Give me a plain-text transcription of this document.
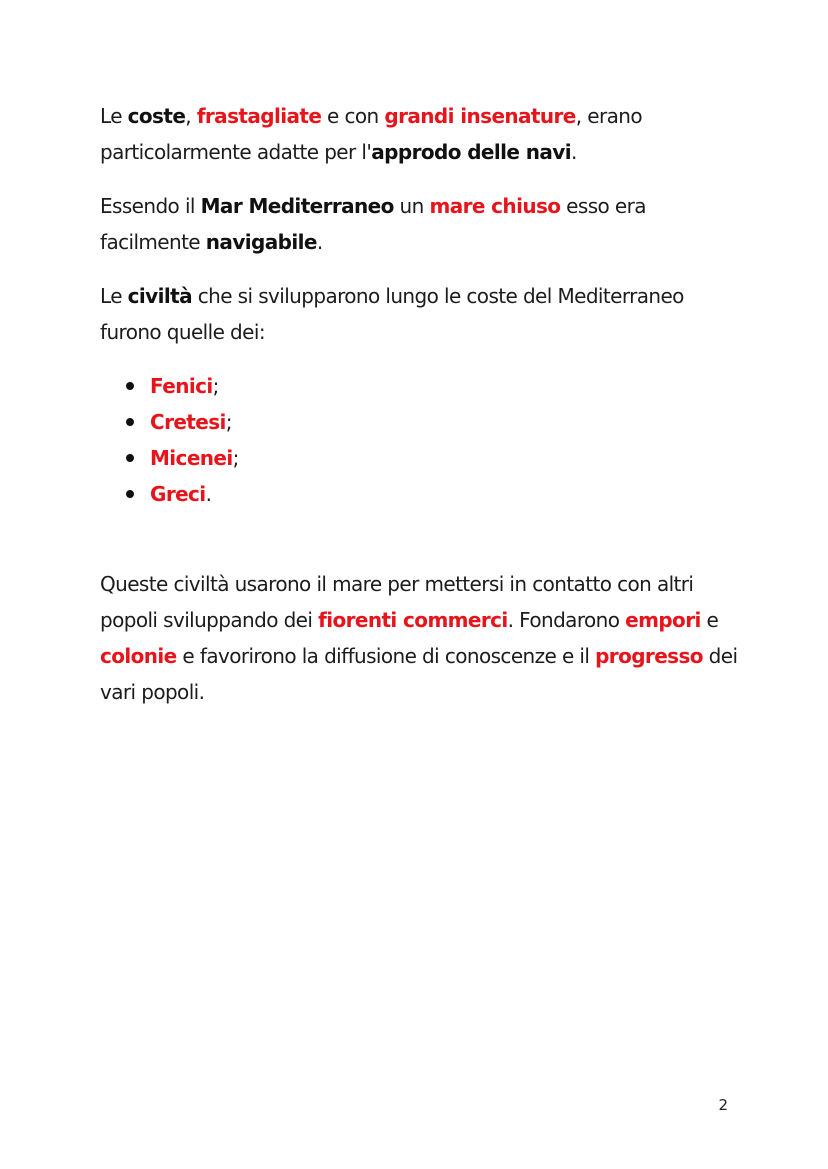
Le coste, frastagliate e con grandi insenature, erano particolarmente adatte per l'approdo delle navi.

Essendo il Mar Mediterraneo un mare chiuso esso era facilmente navigabile.

Le civiltà che si svilupparono lungo le coste del Mediterraneo furono quelle dei:

Fenici;
Cretesi;
Micenei;
Greci.

Queste civiltà usarono il mare per mettersi in contatto con altri popoli sviluppando dei fiorenti commerci. Fondarono empori e colonie e favorirono la diffusione di conoscenze e il progresso dei vari popoli.

2
